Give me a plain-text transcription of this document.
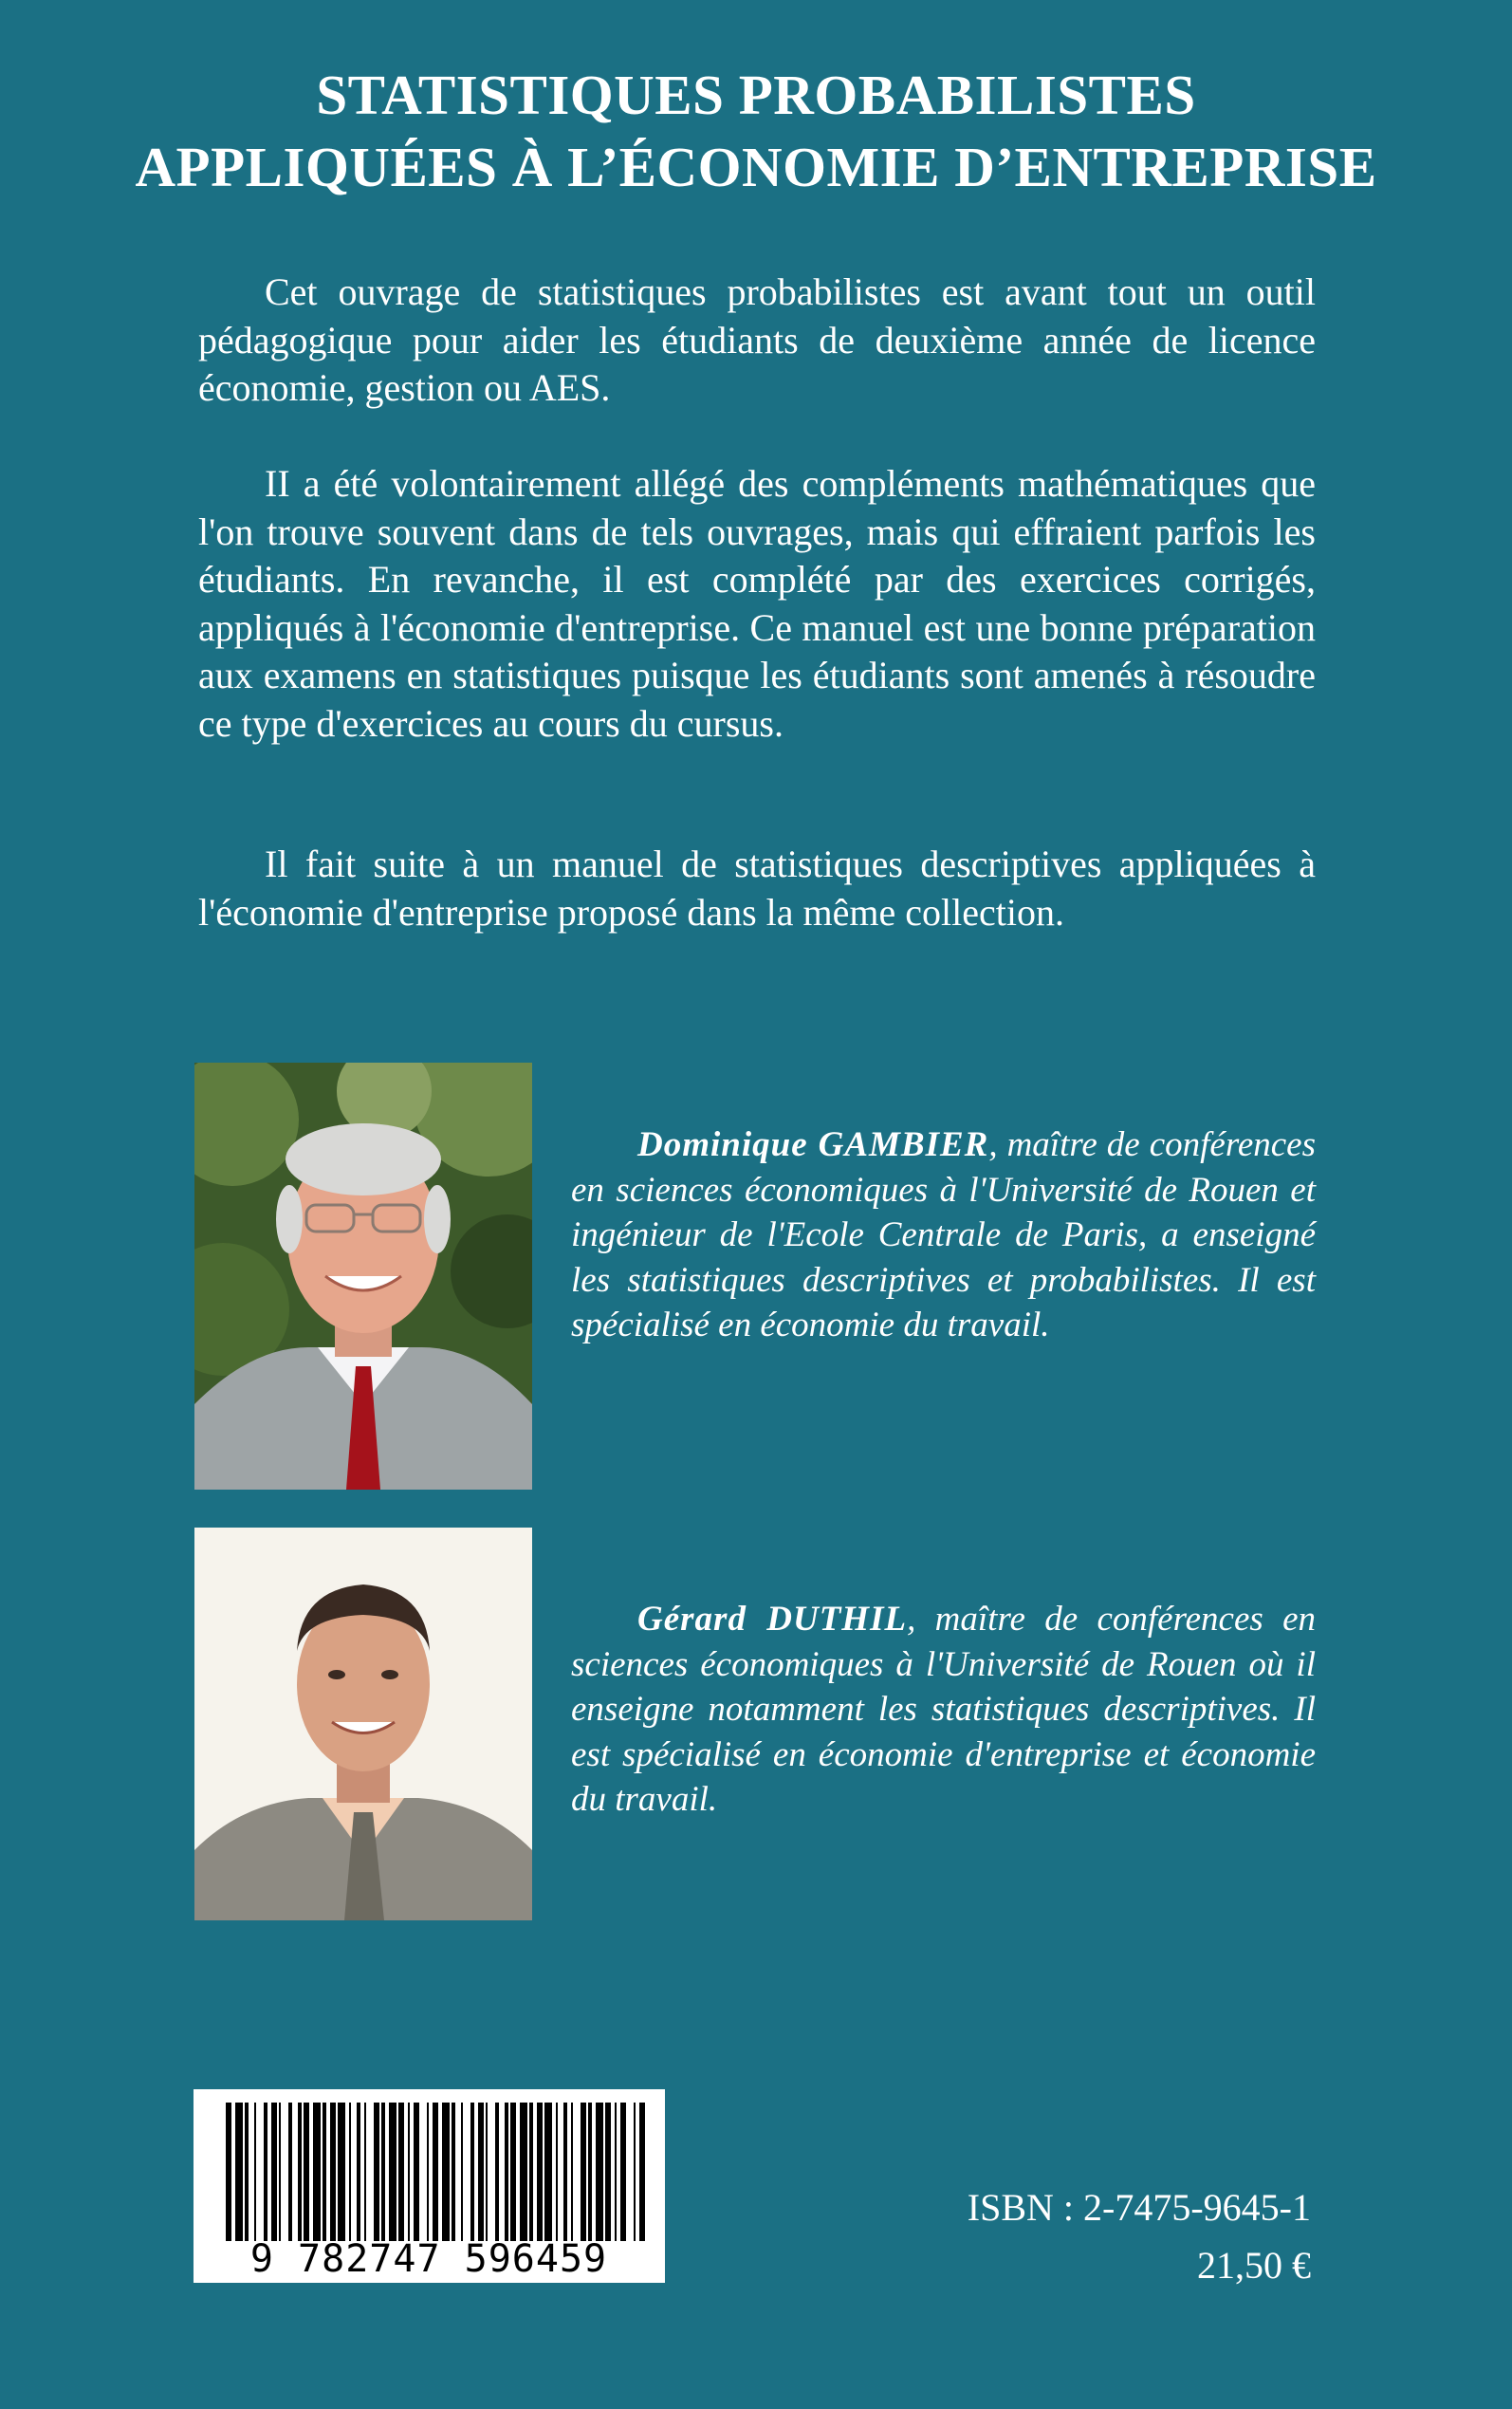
STATISTIQUES PROBABILISTES
APPLIQUÉES À L’ÉCONOMIE D’ENTREPRISE

Cet ouvrage de statistiques probabilistes est avant tout un outil pédagogique pour aider les étudiants de deuxième année de licence économie, gestion ou AES.

II a été volontairement allégé des compléments mathématiques que l'on trouve souvent dans de tels ouvrages, mais qui effraient parfois les étudiants. En revanche, il est complété par des exercices corrigés, appliqués à l'économie d'entreprise. Ce manuel est une bonne préparation aux examens en statistiques puisque les étudiants sont amenés à résoudre ce type d'exercices au cours du cursus.

Il fait suite à un manuel de statistiques descriptives appliquées à l'économie d'entreprise proposé dans la même collection.

Dominique GAMBIER, maître de conférences en sciences économiques à l'Université de Rouen et ingénieur de l'Ecole Centrale de Paris, a enseigné les statistiques descriptives et probabilistes. Il est spécialisé en économie du travail.
Gérard DUTHIL, maître de conférences en sciences économiques à l'Université de Rouen où il enseigne notamment les statistiques descriptives. Il est spécialisé en économie d'entreprise et économie du travail.
9 782747 596459

ISBN : 2-7475-9645-1

21,50 €
